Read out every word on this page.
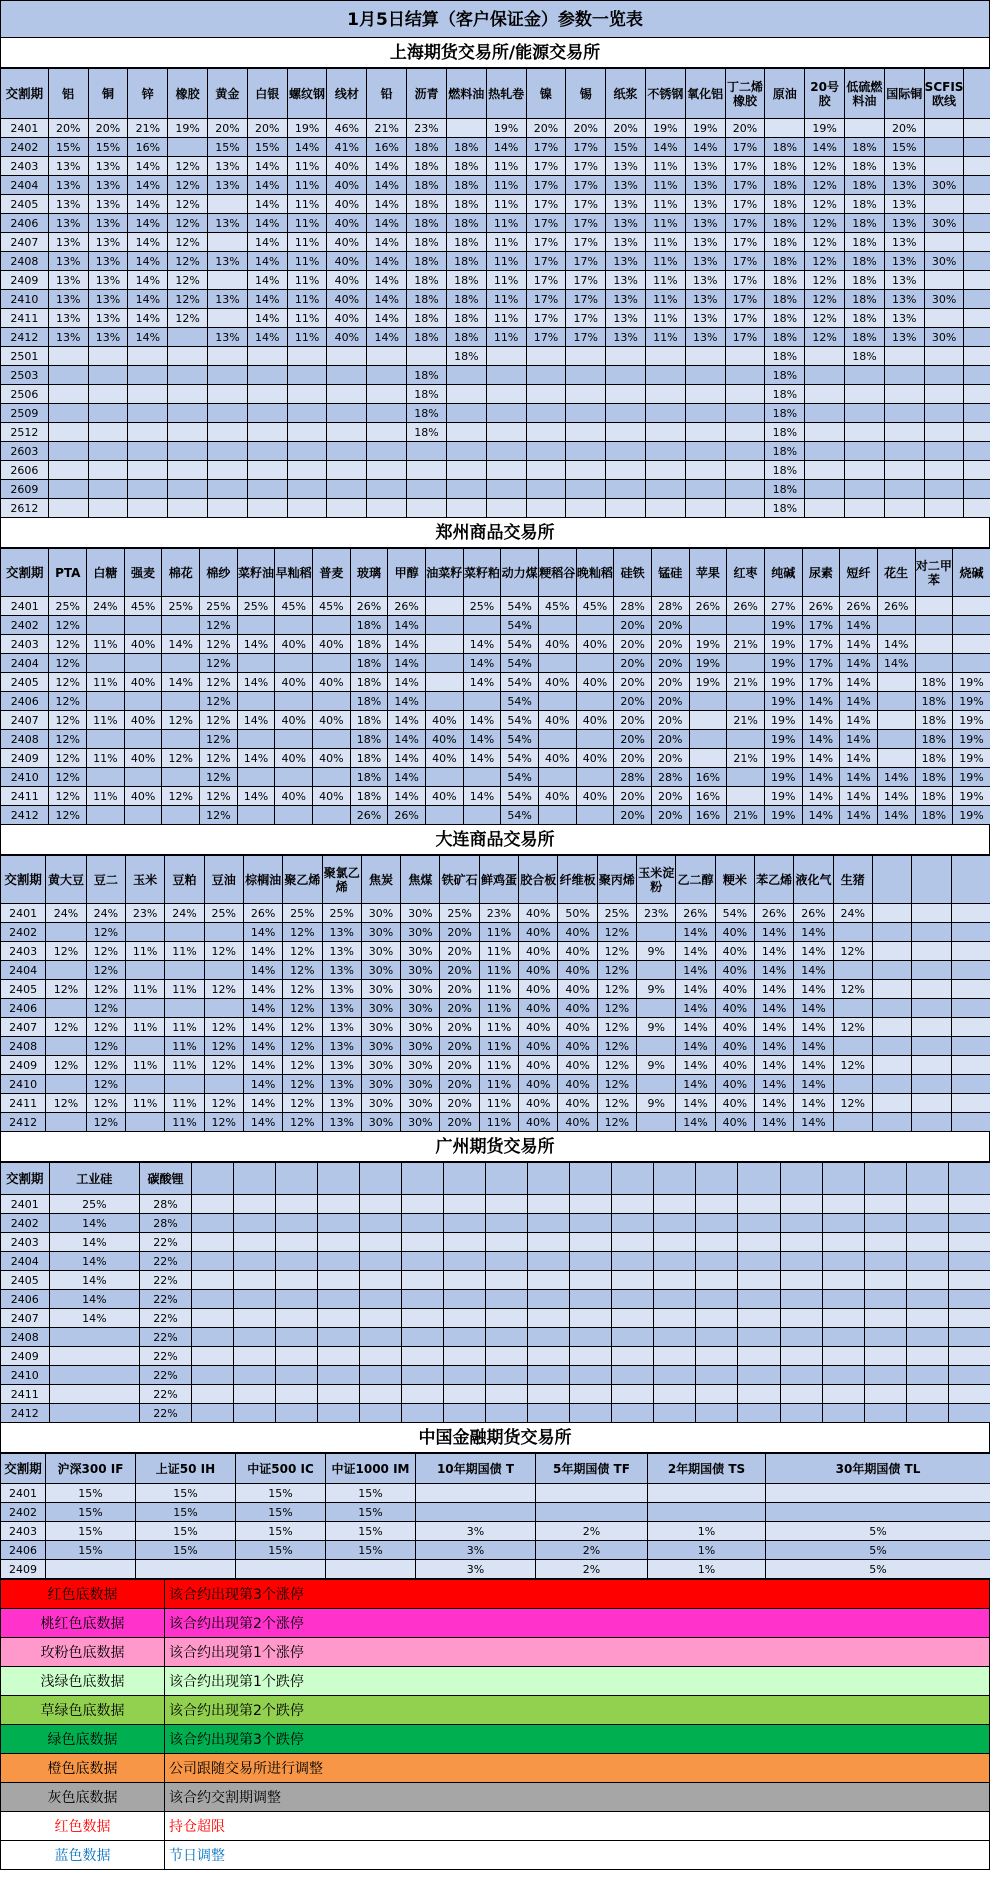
1月5日结算（客户保证金）参数一览表
上海期货交易所/能源交易所
交割期	铝	铜	锌	橡胶	黄金	白银	螺纹钢	线材	铅	沥青	燃料油	热轧卷	镍	锡	纸浆	不锈钢	氧化铝	丁二烯橡胶	原油	20号胶	低硫燃料油	国际铜	SCFIS欧线	
2401	20%	20%	21%	19%	20%	20%	19%	46%	21%	23%		19%	20%	20%	20%	19%	19%	20%		19%		20%		
2402	15%	15%	16%		15%	15%	14%	41%	16%	18%	18%	14%	17%	17%	15%	14%	14%	17%	18%	14%	18%	15%		
2403	13%	13%	14%	12%	13%	14%	11%	40%	14%	18%	18%	11%	17%	17%	13%	11%	13%	17%	18%	12%	18%	13%		
2404	13%	13%	14%	12%	13%	14%	11%	40%	14%	18%	18%	11%	17%	17%	13%	11%	13%	17%	18%	12%	18%	13%	30%	
2405	13%	13%	14%	12%		14%	11%	40%	14%	18%	18%	11%	17%	17%	13%	11%	13%	17%	18%	12%	18%	13%		
2406	13%	13%	14%	12%	13%	14%	11%	40%	14%	18%	18%	11%	17%	17%	13%	11%	13%	17%	18%	12%	18%	13%	30%	
2407	13%	13%	14%	12%		14%	11%	40%	14%	18%	18%	11%	17%	17%	13%	11%	13%	17%	18%	12%	18%	13%		
2408	13%	13%	14%	12%	13%	14%	11%	40%	14%	18%	18%	11%	17%	17%	13%	11%	13%	17%	18%	12%	18%	13%	30%	
2409	13%	13%	14%	12%		14%	11%	40%	14%	18%	18%	11%	17%	17%	13%	11%	13%	17%	18%	12%	18%	13%		
2410	13%	13%	14%	12%	13%	14%	11%	40%	14%	18%	18%	11%	17%	17%	13%	11%	13%	17%	18%	12%	18%	13%	30%	
2411	13%	13%	14%	12%		14%	11%	40%	14%	18%	18%	11%	17%	17%	13%	11%	13%	17%	18%	12%	18%	13%		
2412	13%	13%	14%		13%	14%	11%	40%	14%	18%	18%	11%	17%	17%	13%	11%	13%	17%	18%	12%	18%	13%	30%	
2501											18%								18%		18%			
2503										18%									18%					
2506										18%									18%					
2509										18%									18%					
2512										18%									18%					
2603																			18%					
2606																			18%					
2609																			18%					
2612																			18%					
郑州商品交易所
交割期	PTA	白糖	强麦	棉花	棉纱	菜籽油	早籼稻	普麦	玻璃	甲醇	油菜籽	菜籽粕	动力煤	粳稻谷	晚籼稻	硅铁	锰硅	苹果	红枣	纯碱	尿素	短纤	花生	对二甲苯	烧碱
2401	25%	24%	45%	25%	25%	25%	45%	45%	26%	26%		25%	54%	45%	45%	28%	28%	26%	26%	27%	26%	26%	26%		
2402	12%				12%				18%	14%			54%			20%	20%			19%	17%	14%			
2403	12%	11%	40%	14%	12%	14%	40%	40%	18%	14%		14%	54%	40%	40%	20%	20%	19%	21%	19%	17%	14%	14%		
2404	12%				12%				18%	14%		14%	54%			20%	20%	19%		19%	17%	14%	14%		
2405	12%	11%	40%	14%	12%	14%	40%	40%	18%	14%		14%	54%	40%	40%	20%	20%	19%	21%	19%	17%	14%		18%	19%
2406	12%				12%				18%	14%			54%			20%	20%			19%	14%	14%		18%	19%
2407	12%	11%	40%	12%	12%	14%	40%	40%	18%	14%	40%	14%	54%	40%	40%	20%	20%		21%	19%	14%	14%		18%	19%
2408	12%				12%				18%	14%	40%	14%	54%			20%	20%			19%	14%	14%		18%	19%
2409	12%	11%	40%	12%	12%	14%	40%	40%	18%	14%	40%	14%	54%	40%	40%	20%	20%		21%	19%	14%	14%		18%	19%
2410	12%				12%				18%	14%			54%			28%	28%	16%		19%	14%	14%	14%	18%	19%
2411	12%	11%	40%	12%	12%	14%	40%	40%	18%	14%	40%	14%	54%	40%	40%	20%	20%	16%		19%	14%	14%	14%	18%	19%
2412	12%				12%				26%	26%			54%			20%	20%	16%	21%	19%	14%	14%	14%	18%	19%
大连商品交易所
交割期	黄大豆	豆二	玉米	豆粕	豆油	棕榈油	聚乙烯	聚氯乙烯	焦炭	焦煤	铁矿石	鲜鸡蛋	胶合板	纤维板	聚丙烯	玉米淀粉	乙二醇	粳米	苯乙烯	液化气	生猪			
2401	24%	24%	23%	24%	25%	26%	25%	25%	30%	30%	25%	23%	40%	50%	25%	23%	26%	54%	26%	26%	24%			
2402		12%				14%	12%	13%	30%	30%	20%	11%	40%	40%	12%		14%	40%	14%	14%				
2403	12%	12%	11%	11%	12%	14%	12%	13%	30%	30%	20%	11%	40%	40%	12%	9%	14%	40%	14%	14%	12%			
2404		12%				14%	12%	13%	30%	30%	20%	11%	40%	40%	12%		14%	40%	14%	14%				
2405	12%	12%	11%	11%	12%	14%	12%	13%	30%	30%	20%	11%	40%	40%	12%	9%	14%	40%	14%	14%	12%			
2406		12%				14%	12%	13%	30%	30%	20%	11%	40%	40%	12%		14%	40%	14%	14%				
2407	12%	12%	11%	11%	12%	14%	12%	13%	30%	30%	20%	11%	40%	40%	12%	9%	14%	40%	14%	14%	12%			
2408		12%		11%	12%	14%	12%	13%	30%	30%	20%	11%	40%	40%	12%		14%	40%	14%	14%				
2409	12%	12%	11%	11%	12%	14%	12%	13%	30%	30%	20%	11%	40%	40%	12%	9%	14%	40%	14%	14%	12%			
2410		12%				14%	12%	13%	30%	30%	20%	11%	40%	40%	12%		14%	40%	14%	14%				
2411	12%	12%	11%	11%	12%	14%	12%	13%	30%	30%	20%	11%	40%	40%	12%	9%	14%	40%	14%	14%	12%			
2412		12%		11%	12%	14%	12%	13%	30%	30%	20%	11%	40%	40%	12%		14%	40%	14%	14%				
广州期货交易所
交割期	工业硅	碳酸锂																			
2401	25%	28%																			
2402	14%	28%																			
2403	14%	22%																			
2404	14%	22%																			
2405	14%	22%																			
2406	14%	22%																			
2407	14%	22%																			
2408		22%																			
2409		22%																			
2410		22%																			
2411		22%																			
2412		22%																			
中国金融期货交易所
交割期	沪深300 IF	上证50 IH	中证500 IC	中证1000 IM	10年期国债 T	5年期国债 TF	2年期国债 TS	30年期国债 TL
2401	15%	15%	15%	15%				
2402	15%	15%	15%	15%				
2403	15%	15%	15%	15%	3%	2%	1%	5%
2406	15%	15%	15%	15%	3%	2%	1%	5%
2409					3%	2%	1%	5%
红色底数据	该合约出现第3个涨停
桃红色底数据	该合约出现第2个涨停
玫粉色底数据	该合约出现第1个涨停
浅绿色底数据	该合约出现第1个跌停
草绿色底数据	该合约出现第2个跌停
绿色底数据	该合约出现第3个跌停
橙色底数据	公司跟随交易所进行调整
灰色底数据	该合约交割期调整
红色数据	持仓超限
蓝色数据	节日调整
